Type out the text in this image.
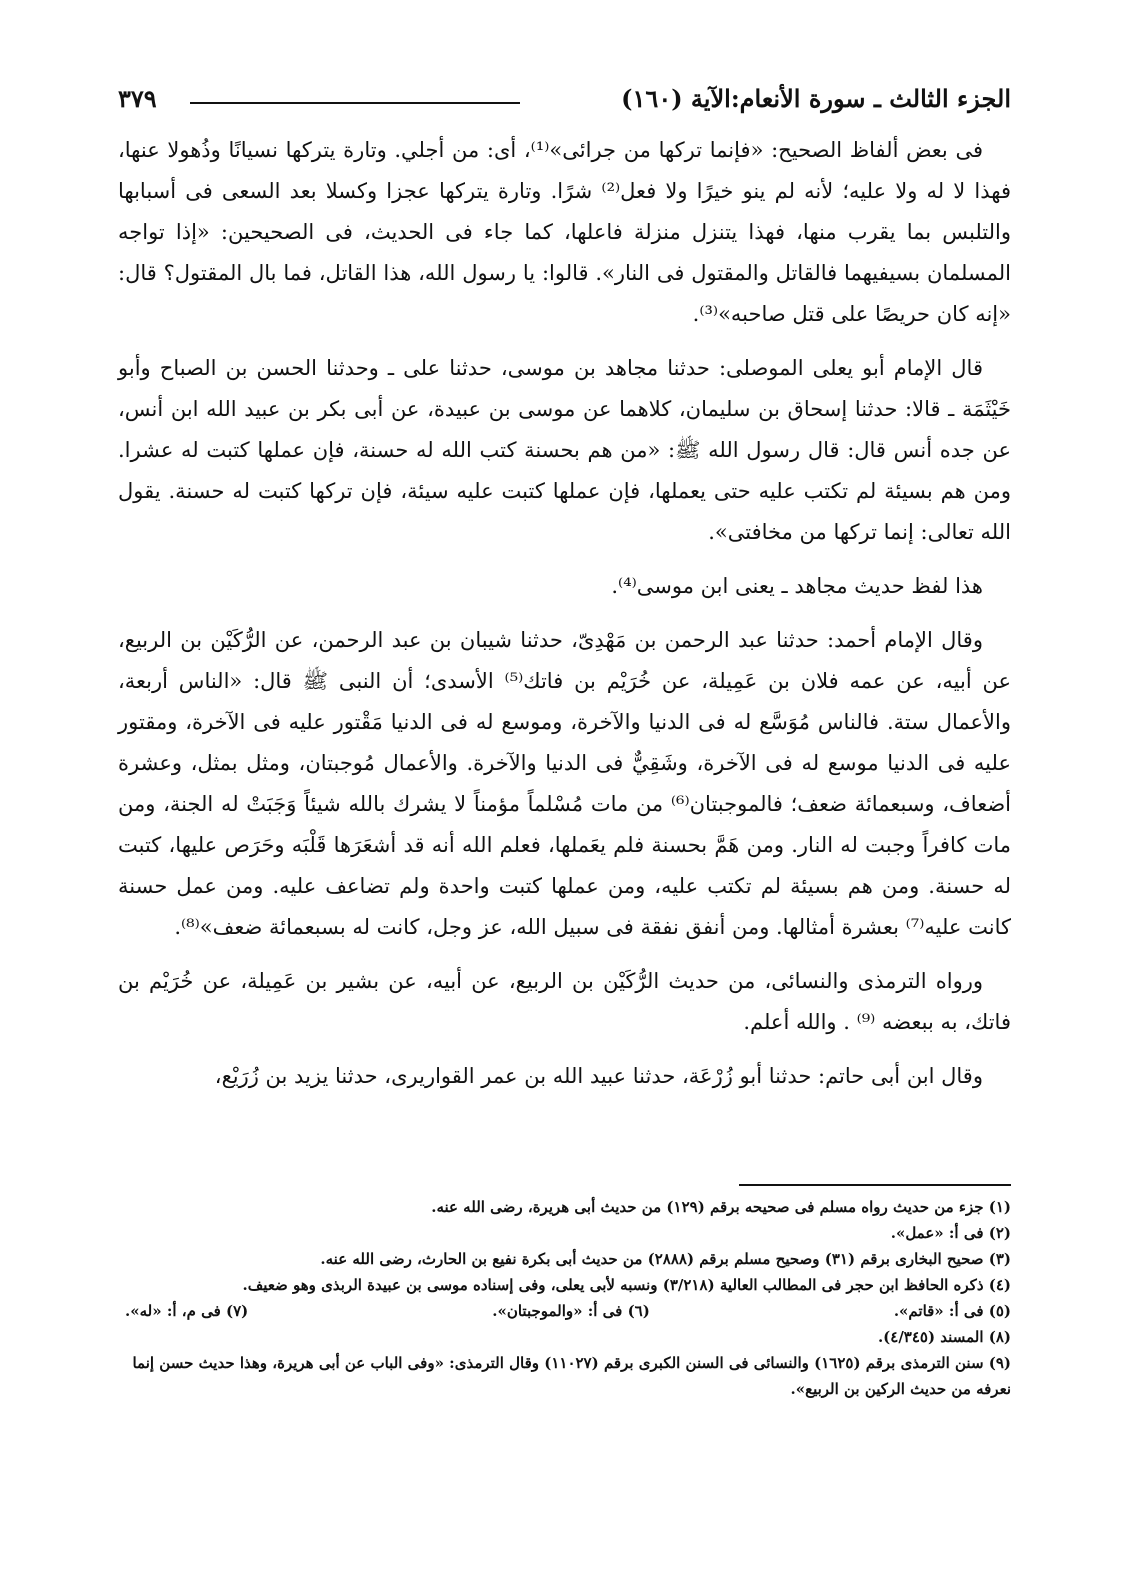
الجزء الثالث ـ سورة الأنعام:الآية (١٦٠)
٣٧٩

فى بعض ألفاظ الصحيح: «فإنما تركها من جرائى»⁽¹⁾، أى: من أجلي. وتارة يتركها نسيانًا وذُهولا عنها، فهذا لا له ولا عليه؛ لأنه لم ينو خيرًا ولا فعل⁽²⁾ شرًا. وتارة يتركها عجزا وكسلا بعد السعى فى أسبابها والتلبس بما يقرب منها، فهذا يتنزل منزلة فاعلها، كما جاء فى الحديث، فى الصحيحين: «إذا تواجه المسلمان بسيفيهما فالقاتل والمقتول فى النار». قالوا: يا رسول الله، هذا القاتل، فما بال المقتول؟ قال: «إنه كان حريصًا على قتل صاحبه»⁽³⁾.

قال الإمام أبو يعلى الموصلى: حدثنا مجاهد بن موسى، حدثنا على ـ وحدثنا الحسن بن الصباح وأبو خَيْثَمَة ـ قالا: حدثنا إسحاق بن سليمان، كلاهما عن موسى بن عبيدة، عن أبى بكر بن عبيد الله ابن أنس، عن جده أنس قال: قال رسول الله ﷺ: «من هم بحسنة كتب الله له حسنة، فإن عملها كتبت له عشرا. ومن هم بسيئة لم تكتب عليه حتى يعملها، فإن عملها كتبت عليه سيئة، فإن تركها كتبت له حسنة. يقول الله تعالى: إنما تركها من مخافتى».

هذا لفظ حديث مجاهد ـ يعنى ابن موسى⁽⁴⁾.

وقال الإمام أحمد: حدثنا عبد الرحمن بن مَهْدِىّ، حدثنا شيبان بن عبد الرحمن، عن الرُّكَيْن بن الربيع، عن أبيه، عن عمه فلان بن عَمِيلة، عن خُرَيْم بن فاتك⁽⁵⁾ الأسدى؛ أن النبى ﷺ قال: «الناس أربعة، والأعمال ستة. فالناس مُوَسَّع له فى الدنيا والآخرة، وموسع له فى الدنيا مَقْتور عليه فى الآخرة، ومقتور عليه فى الدنيا موسع له فى الآخرة، وشَقِيٌّ فى الدنيا والآخرة. والأعمال مُوجبتان، ومثل بمثل، وعشرة أضعاف، وسبعمائة ضعف؛ فالموجبتان⁽⁶⁾ من مات مُسْلماً مؤمناً لا يشرك بالله شيئاً وَجَبَتْ له الجنة، ومن مات كافراً وجبت له النار. ومن هَمَّ بحسنة فلم يعَملها، فعلم الله أنه قد أشعَرَها قَلْبَه وحَرَص عليها، كتبت له حسنة. ومن هم بسيئة لم تكتب عليه، ومن عملها كتبت واحدة ولم تضاعف عليه. ومن عمل حسنة كانت عليه⁽⁷⁾ بعشرة أمثالها. ومن أنفق نفقة فى سبيل الله، عز وجل، كانت له بسبعمائة ضعف»⁽⁸⁾.

ورواه الترمذى والنسائى، من حديث الرُّكَيْن بن الربيع، عن أبيه، عن بشير بن عَمِيلة، عن خُرَيْم بن فاتك، به ببعضه ⁽⁹⁾ . والله أعلم.

وقال ابن أبى حاتم: حدثنا أبو زُرْعَة، حدثنا عبيد الله بن عمر القواريرى، حدثنا يزيد بن زُرَيْع،

(١) جزء من حديث رواه مسلم فى صحيحه برقم (١٢٩) من حديث أبى هريرة، رضى الله عنه.

(٢) فى أ: «عمل».

(٣) صحيح البخارى برقم (٣١) وصحيح مسلم برقم (٢٨٨٨) من حديث أبى بكرة نفيع بن الحارث، رضى الله عنه.

(٤) ذكره الحافظ ابن حجر فى المطالب العالية (٣/٢١٨) ونسبه لأبى يعلى، وفى إسناده موسى بن عبيدة الربذى وهو ضعيف.

(٥) فى أ: «قاتم».
(٦) فى أ: «والموجبتان».
(٧) فى م، أ: «له».

(٨) المسند (٤/٣٤٥).

(٩) سنن الترمذى برقم (١٦٢٥) والنسائى فى السنن الكبرى برقم (١١٠٢٧) وقال الترمذى: «وفى الباب عن أبى هريرة، وهذا حديث حسن إنما نعرفه من حديث الركين بن الربيع».
